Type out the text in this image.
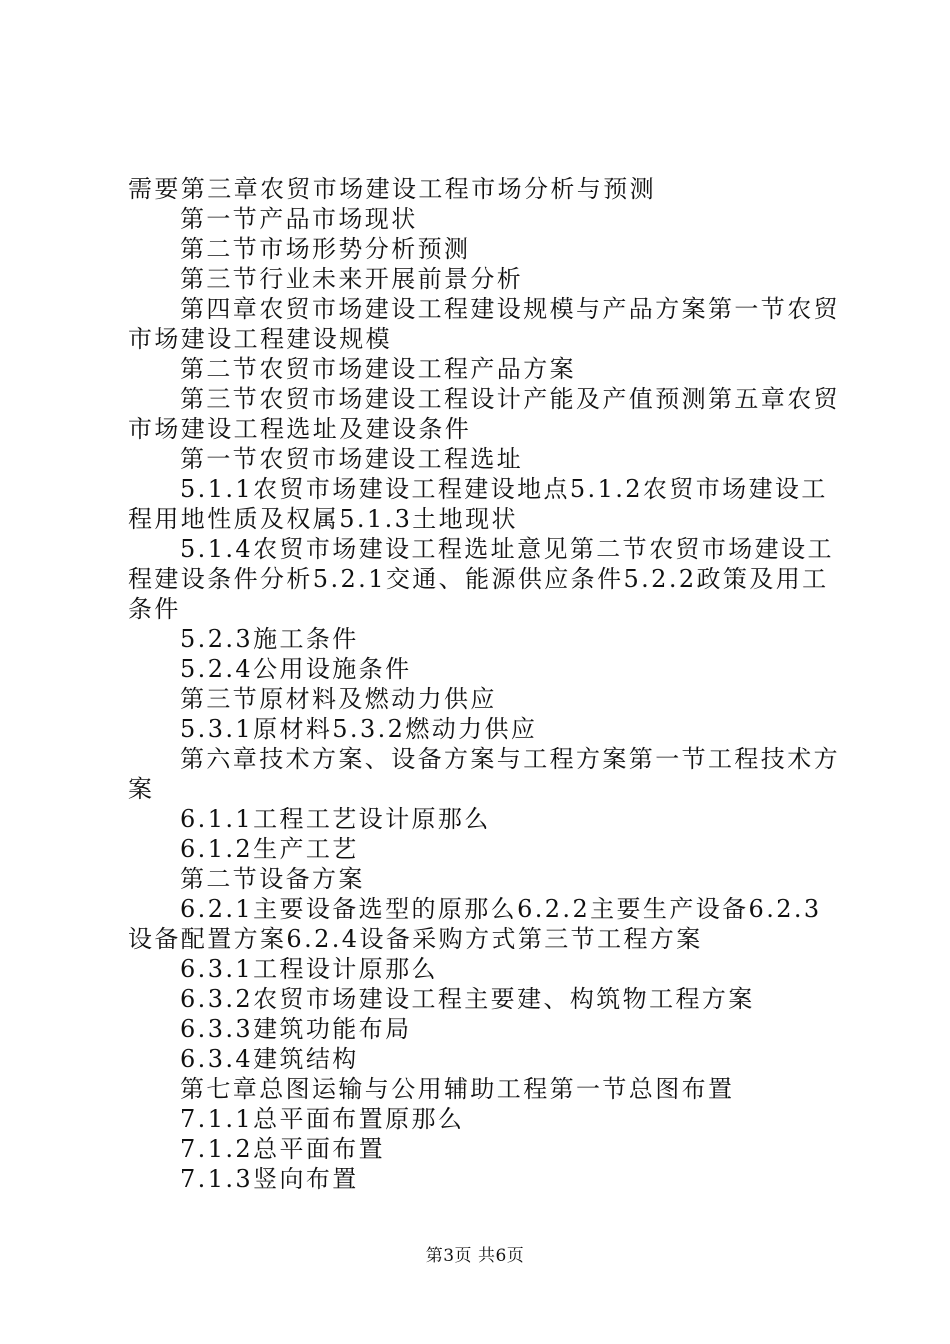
需要第三章农贸市场建设工程市场分析与预测

第一节产品市场现状

第二节市场形势分析预测

第三节行业未来开展前景分析

第四章农贸市场建设工程建设规模与产品方案第一节农贸市场建设工程建设规模

第二节农贸市场建设工程产品方案

第三节农贸市场建设工程设计产能及产值预测第五章农贸市场建设工程选址及建设条件

第一节农贸市场建设工程选址

5.1.1农贸市场建设工程建设地点5.1.2农贸市场建设工程用地性质及权属5.1.3土地现状

5.1.4农贸市场建设工程选址意见第二节农贸市场建设工程建设条件分析5.2.1交通、能源供应条件5.2.2政策及用工条件

5.2.3施工条件

5.2.4公用设施条件

第三节原材料及燃动力供应

5.3.1原材料5.3.2燃动力供应

第六章技术方案、设备方案与工程方案第一节工程技术方案

6.1.1工程工艺设计原那么

6.1.2生产工艺

第二节设备方案

6.2.1主要设备选型的原那么6.2.2主要生产设备6.2.3设备配置方案6.2.4设备采购方式第三节工程方案

6.3.1工程设计原那么

6.3.2农贸市场建设工程主要建、构筑物工程方案

6.3.3建筑功能布局

6.3.4建筑结构

第七章总图运输与公用辅助工程第一节总图布置

7.1.1总平面布置原那么

7.1.2总平面布置

7.1.3竖向布置

第3页 共6页
